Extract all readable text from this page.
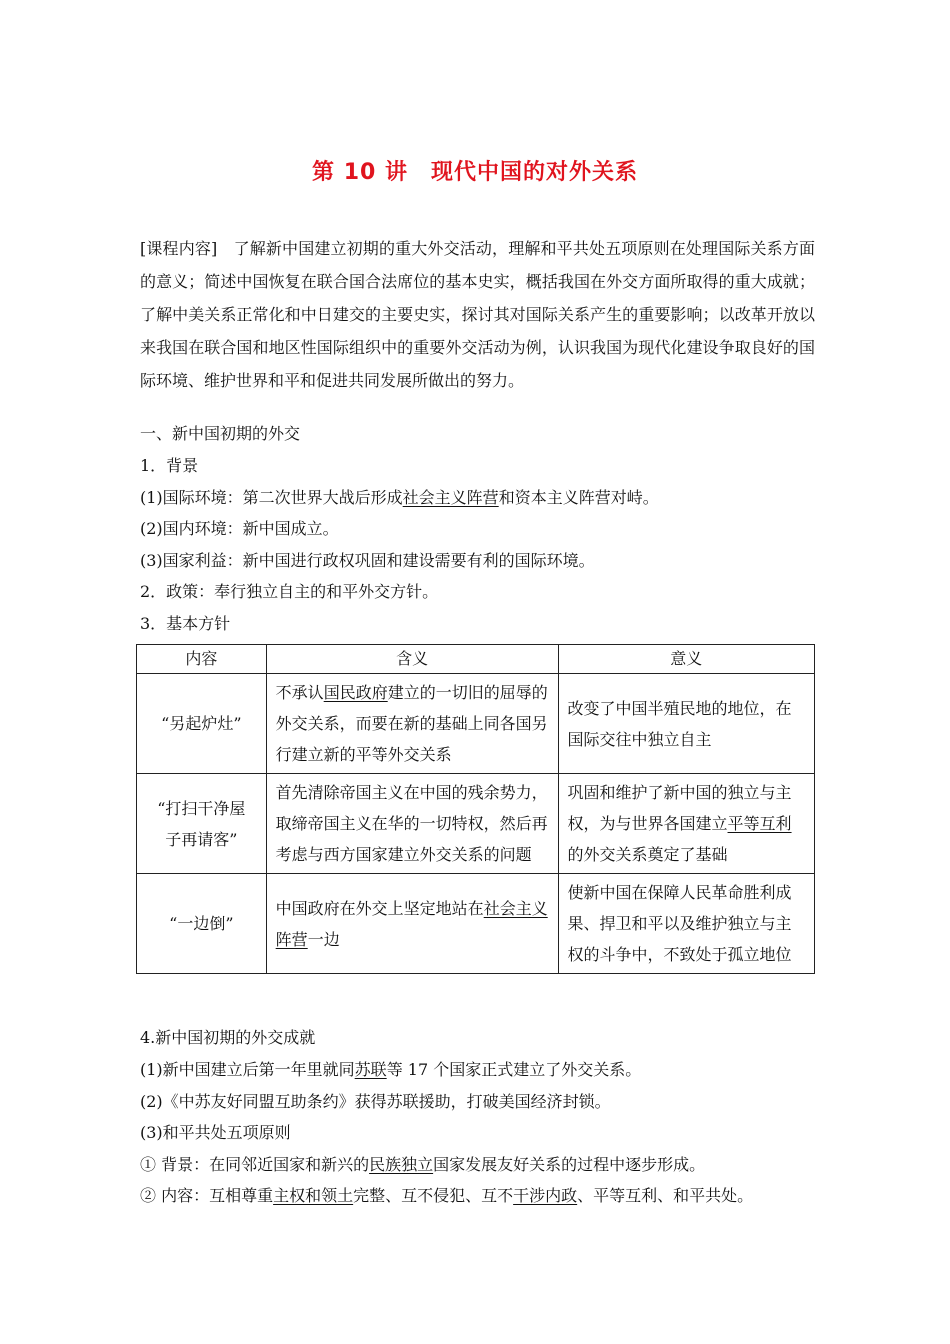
第 10 讲　现代中国的对外关系
[课程内容]　 了解新中国建立初期的重大外交活动，理解和平共处五项原则在处理国际关系方面的意义；简述中国恢复在联合国合法席位的基本史实，概括我国在外交方面所取得的重大成就；了解中美关系正常化和中日建交的主要史实，探讨其对国际关系产生的重要影响；以改革开放以来我国在联合国和地区性国际组织中的重要外交活动为例，认识我国为现代化建设争取良好的国际环境、维护世界和平和促进共同发展所做出的努力。
一、新中国初期的外交
1．背景
(1)国际环境：第二次世界大战后形成社会主义阵营和资本主义阵营对峙。
(2)国内环境：新中国成立。
(3)国家利益：新中国进行政权巩固和建设需要有利的国际环境。
2．政策：奉行独立自主的和平外交方针。
3．基本方针
内容	含义	意义
“另起炉灶”	不承认国民政府建立的一切旧的屈辱的外交关系，而要在新的基础上同各国另行建立新的平等外交关系	改变了中国半殖民地的地位，在国际交往中独立自主
“打扫干净屋子再请客”	首先清除帝国主义在中国的残余势力，取缔帝国主义在华的一切特权，然后再考虑与西方国家建立外交关系的问题	巩固和维护了新中国的独立与主权，为与世界各国建立平等互利的外交关系奠定了基础
“一边倒”	中国政府在外交上坚定地站在社会主义阵营一边	使新中国在保障人民革命胜利成果、捍卫和平以及维护独立与主权的斗争中，不致处于孤立地位
4.新中国初期的外交成就
(1)新中国建立后第一年里就同苏联等 17 个国家正式建立了外交关系。
(2)《中苏友好同盟互助条约》获得苏联援助，打破美国经济封锁。
(3)和平共处五项原则
① 背景：在同邻近国家和新兴的民族独立国家发展友好关系的过程中逐步形成。
② 内容：互相尊重主权和领土完整、互不侵犯、互不干涉内政、平等互利、和平共处。
